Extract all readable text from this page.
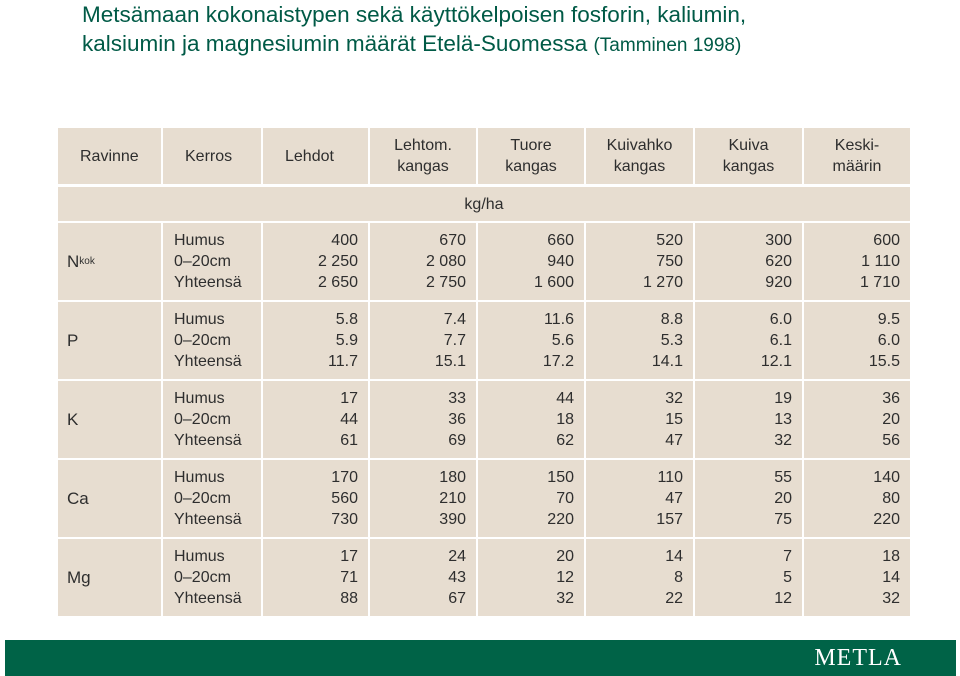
Metsämaan kokonaistypen sekä käyttökelpoisen fosforin, kaliumin,
kalsiumin ja magnesiumin määrät Etelä-Suomessa (Tamminen 1998)
Ravinne	Kerros	Lehdot
Lehtom.
kangas
Tuore
kangas
Kuivahko
kangas
Kuiva
kangas
Keski-
määrin
kg/ha
N kok
Humus
0–20cm
Yhteensä
400
2 250
2 650
670
2 080
2 750
660
940
1 600
520
750
1 270
300
620
920
600
1 110
1 710
P
Humus
0–20cm
Yhteensä
5.8
5.9
11.7
7.4
7.7
15.1
11.6
5.6
17.2
8.8
5.3
14.1
6.0
6.1
12.1
9.5
6.0
15.5
K
Humus
0–20cm
Yhteensä
17
44
61
33
36
69
44
18
62
32
15
47
19
13
32
36
20
56
Ca
Humus
0–20cm
Yhteensä
170
560
730
180
210
390
150
70
220
110
47
157
55
20
75
140
80
220
Mg
Humus
0–20cm
Yhteensä
17
71
88
24
43
67
20
12
32
14
8
22
7
5
12
18
14
32
METLA
